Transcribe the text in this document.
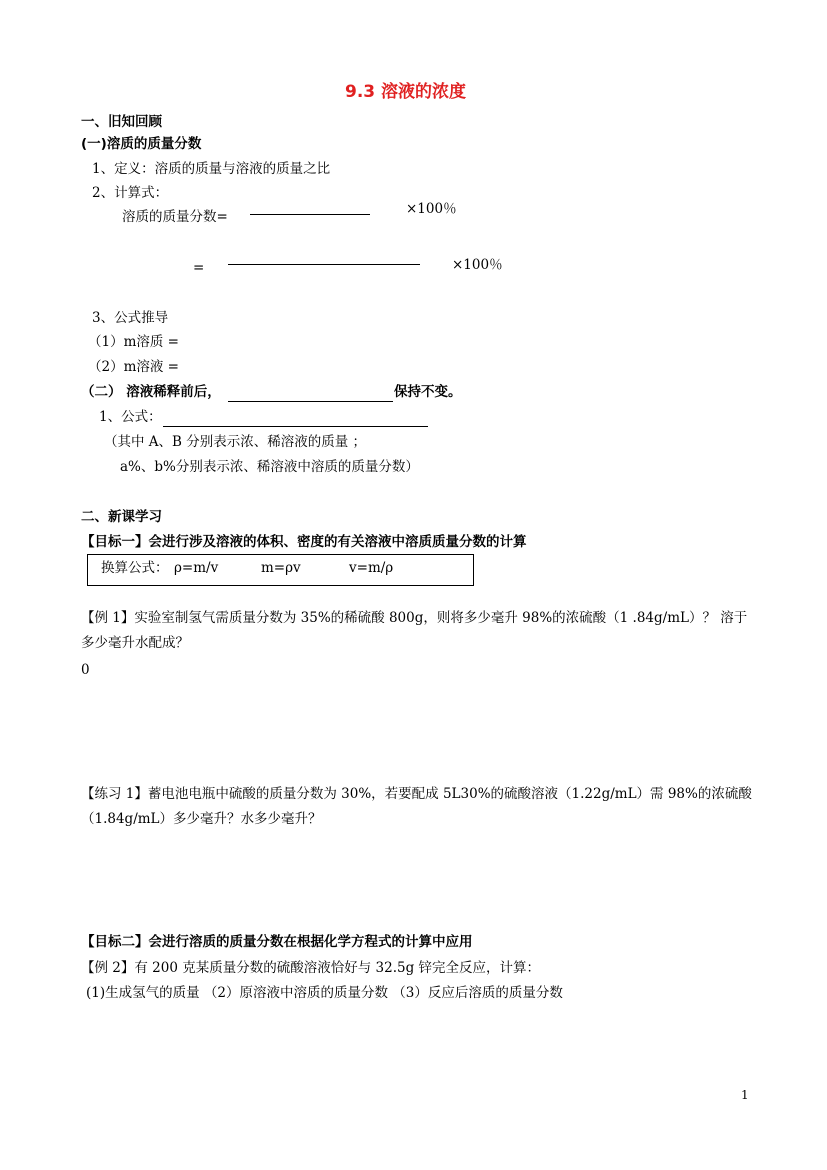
9.3 溶液的浓度
一、旧知回顾
(一)溶质的质量分数
1、定义：溶质的质量与溶液的质量之比
2、计算式：
溶质的质量分数=	×100％
=	×100％
3、公式推导
（1）m溶质 =
（2）m溶液 =
（二） 溶液稀释前后，	保持不变。
1、公式：
（其中 A、B 分别表示浓、稀溶液的质量 ；
a%、b%分别表示浓、稀溶液中溶质的质量分数）
二、新课学习
【目标一】会进行涉及溶液的体积、密度的有关溶液中溶质质量分数的计算
换算公式： ρ=m/v	m=ρv	v=m/ρ
【例 1】实验室制氢气需质量分数为 35%的稀硫酸 800g，则将多少毫升 98%的浓硫酸（1 .84g/mL）？ 溶于
多少毫升水配成？
0
【练习 1】蓄电池电瓶中硫酸的质量分数为 30%，若要配成 5L30%的硫酸溶液（1.22g/mL）需 98%的浓硫酸
（1.84g/mL）多少毫升？水多少毫升？
【目标二】会进行溶质的质量分数在根据化学方程式的计算中应用
【例 2】有 200 克某质量分数的硫酸溶液恰好与 32.5g 锌完全反应，计算：
(1)生成氢气的质量 （2）原溶液中溶质的质量分数 （3）反应后溶质的质量分数
1
